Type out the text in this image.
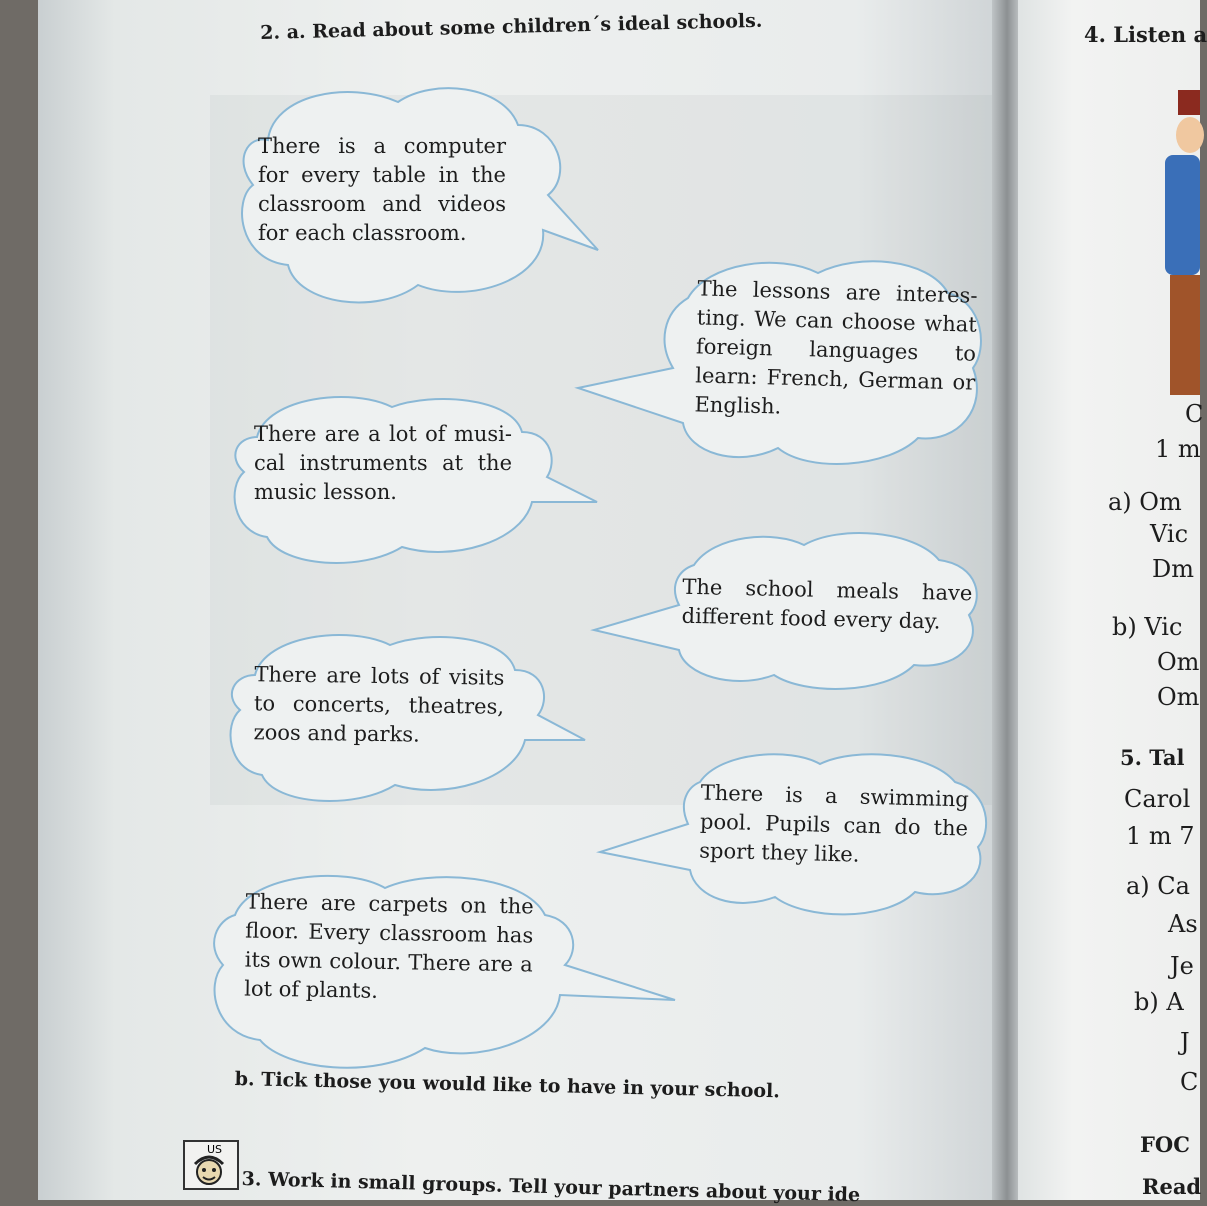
2. a. Read about some children´s ideal schools.
There is a computer for every table in the classroom and videos for each classroom.
The lessons are interesting. We can choose what foreign languages to learn: French, German or English.
There are a lot of musical instruments at the music lesson.
The school meals have different food every day.
There are lots of visits to concerts, theatres, zoos and parks.
There is a swimming pool. Pupils can do the sport they like.
There are carpets on the floor. Every classroom has its own colour. There are a lot of plants.
b. Tick those you would like to have in your school.
US
3. Work in small groups. Tell your partners about your ide
4. Listen a
C
1 m
a) Om
Vic
Dm
b) Vic
Om
Om
5. Tal
Carol
1 m 7
a) Ca
As
Je
b) A
J
C
FOC
Read
